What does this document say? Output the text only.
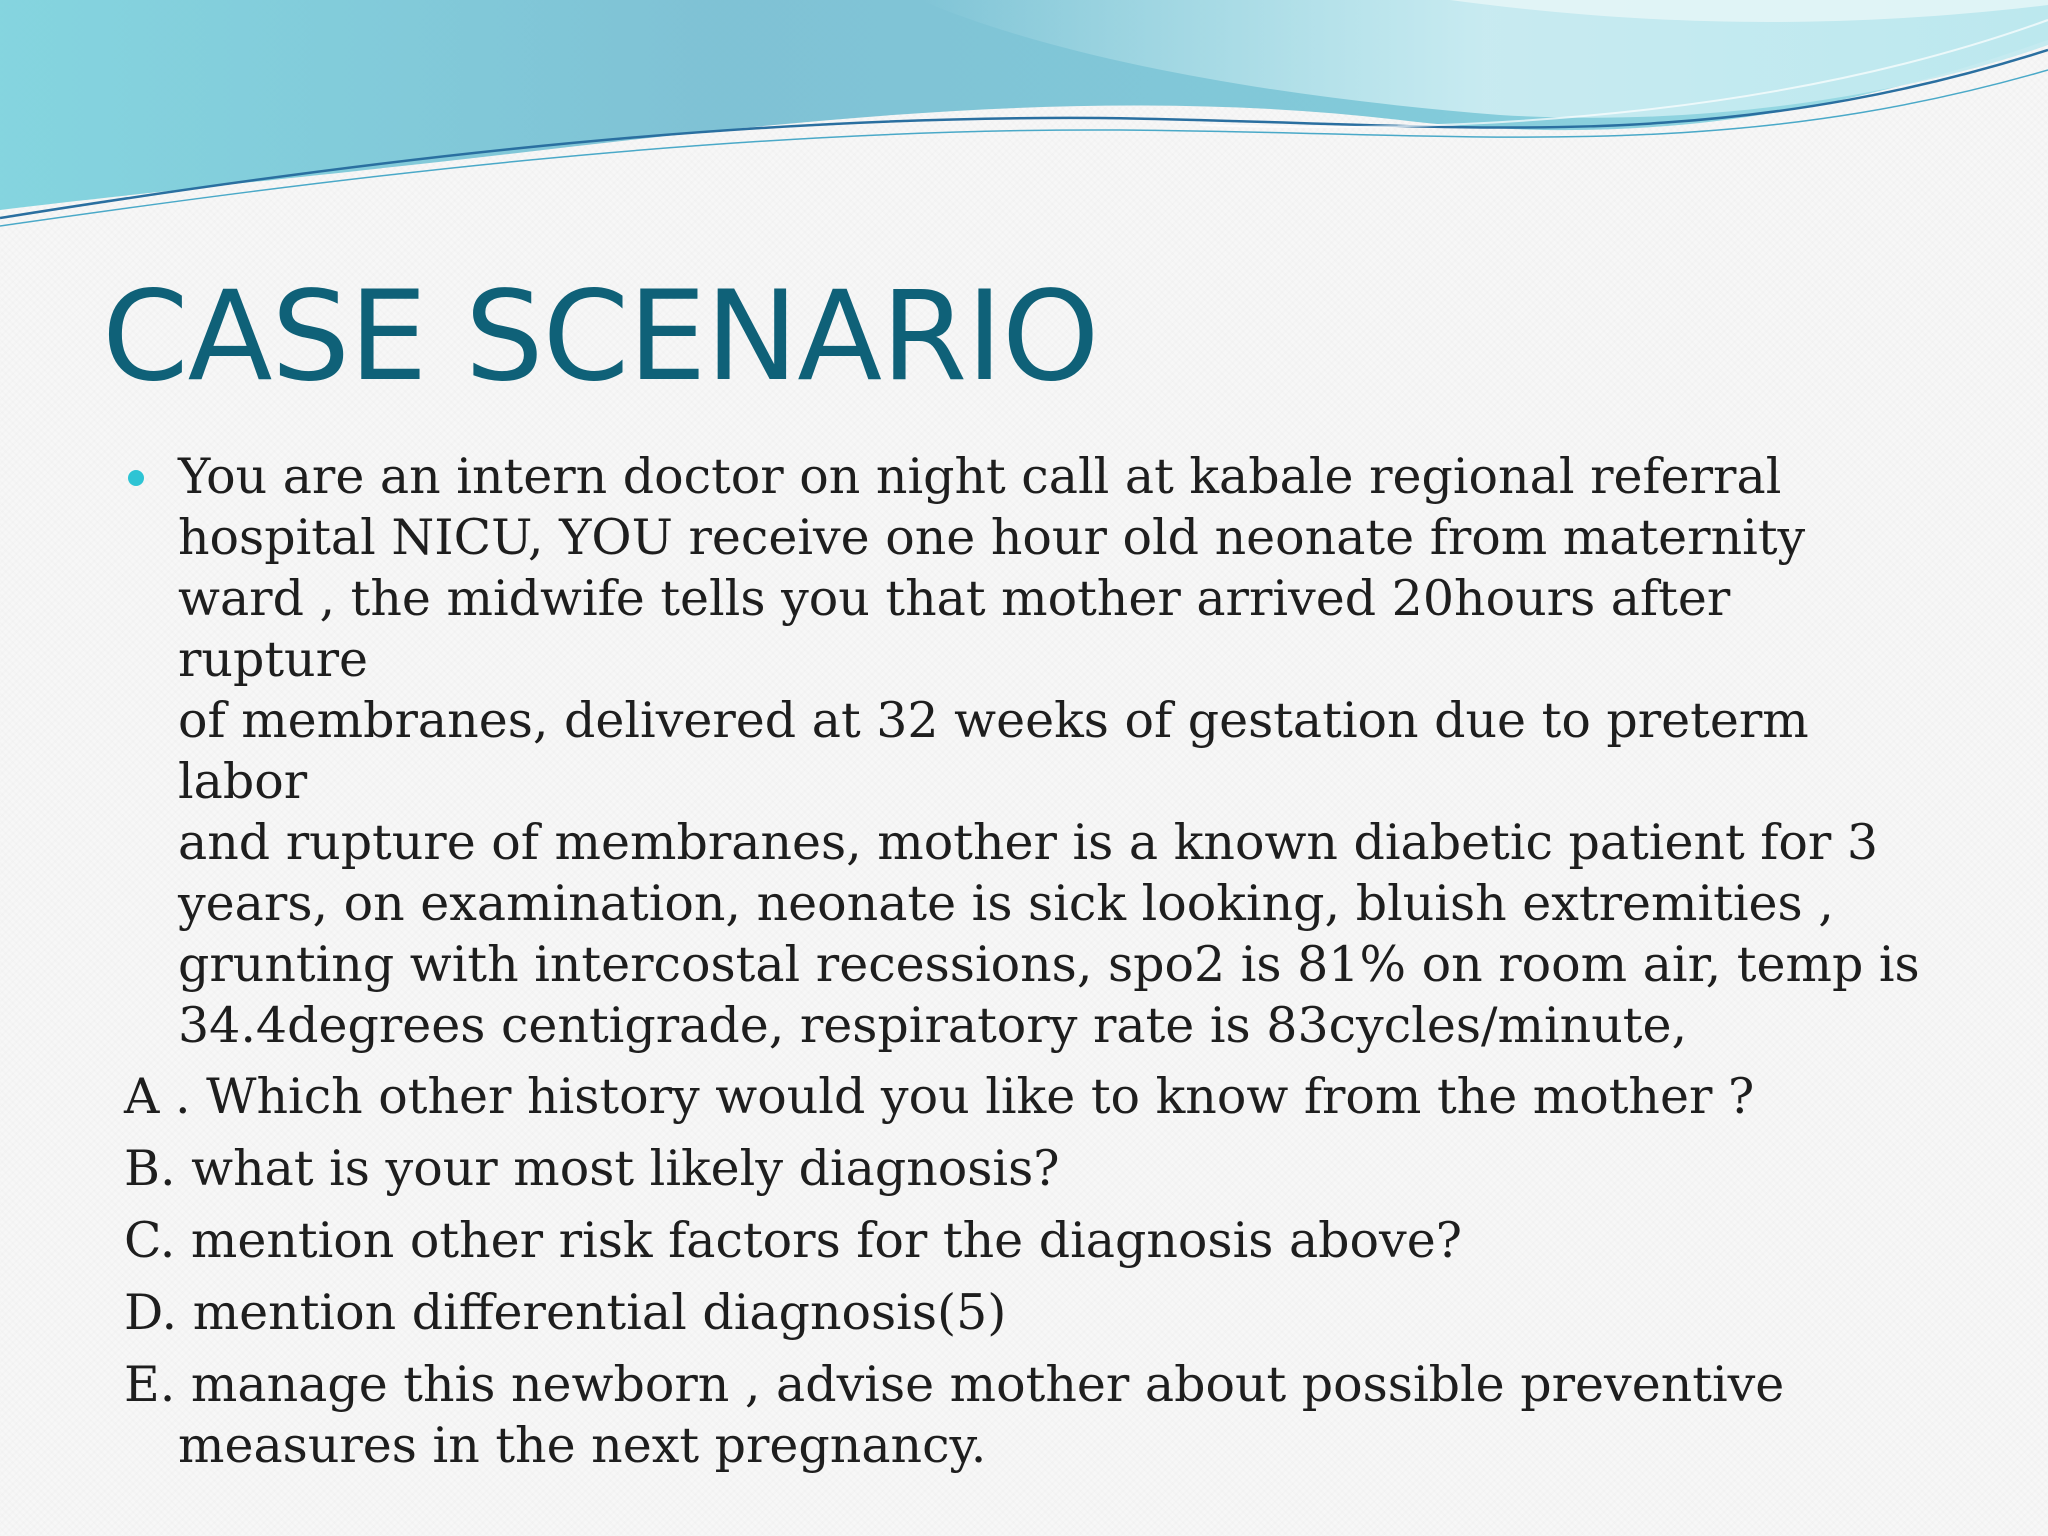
CASE SCENARIO
You are an intern doctor on night call at kabale regional referral
hospital NICU, YOU receive one hour old neonate from maternity
ward , the midwife tells you that mother arrived 20hours after rupture
of membranes, delivered at 32 weeks of gestation due to preterm labor
and rupture of membranes, mother is a known diabetic patient for 3
years, on examination, neonate is sick looking, bluish extremities ,
grunting with intercostal recessions, spo2 is 81% on room air, temp is
34.4degrees centigrade, respiratory rate is 83cycles/minute,
A . Which other history would you like to know from the mother ?
B. what is your most likely diagnosis?
C. mention other risk factors for the diagnosis above?
D. mention differential diagnosis(5)
E. manage this newborn , advise mother about possible preventive
measures in the next pregnancy.
